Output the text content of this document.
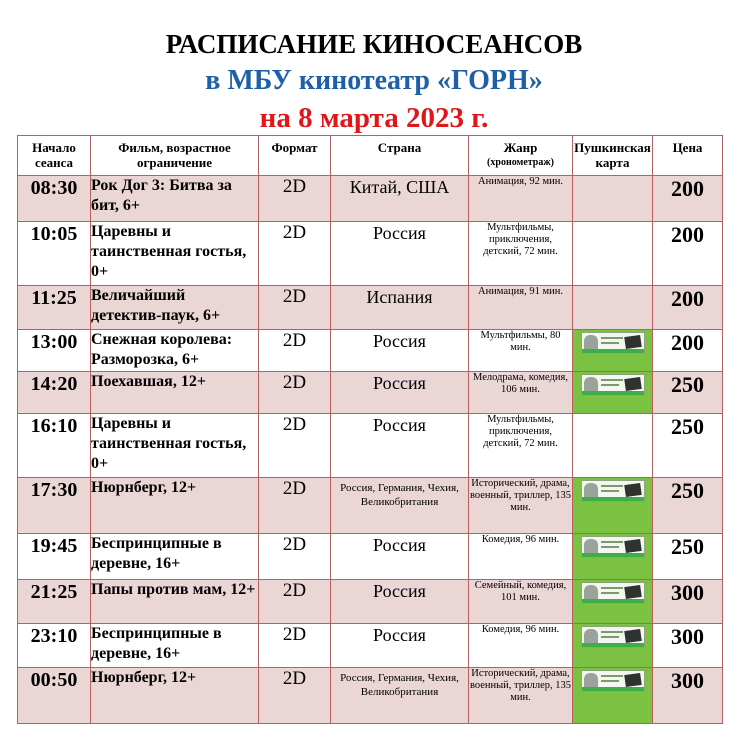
РАСПИСАНИЕ КИНОСЕАНСОВ
в МБУ кинотеатр «ГОРН»
на 8 марта 2023 г.
Начало сеанса	Фильм, возрастное ограничение	Формат	Страна	Жанр
(хронометраж)	Пушкинская карта	Цена
08:30	Рок Дог 3: Битва за бит, 6+	2D	Китай, США	Анимация, 92 мин.		200
10:05	Царевны и таинственная гостья, 0+	2D	Россия	Мультфильмы, приключения, детский, 72 мин.		200
11:25	Величайший детектив-паук, 6+	2D	Испания	Анимация, 91 мин.		200
13:00	Снежная королева: Разморозка, 6+	2D	Россия	Мультфильмы, 80 мин.		200
14:20	Поехавшая, 12+	2D	Россия	Мелодрама, комедия, 106 мин.		250
16:10	Царевны и таинственная гостья, 0+	2D	Россия	Мультфильмы, приключения, детский, 72 мин.		250
17:30	Нюрнберг, 12+	2D	Россия, Германия, Чехия, Великобритания	Исторический, драма, военный, триллер, 135 мин.		250
19:45	Беспринципные в деревне, 16+	2D	Россия	Комедия, 96 мин.		250
21:25	Папы против мам, 12+	2D	Россия	Семейный, комедия, 101 мин.		300
23:10	Беспринципные в деревне, 16+	2D	Россия	Комедия, 96 мин.		300
00:50	Нюрнберг, 12+	2D	Россия, Германия, Чехия, Великобритания	Исторический, драма, военный, триллер, 135 мин.		300
